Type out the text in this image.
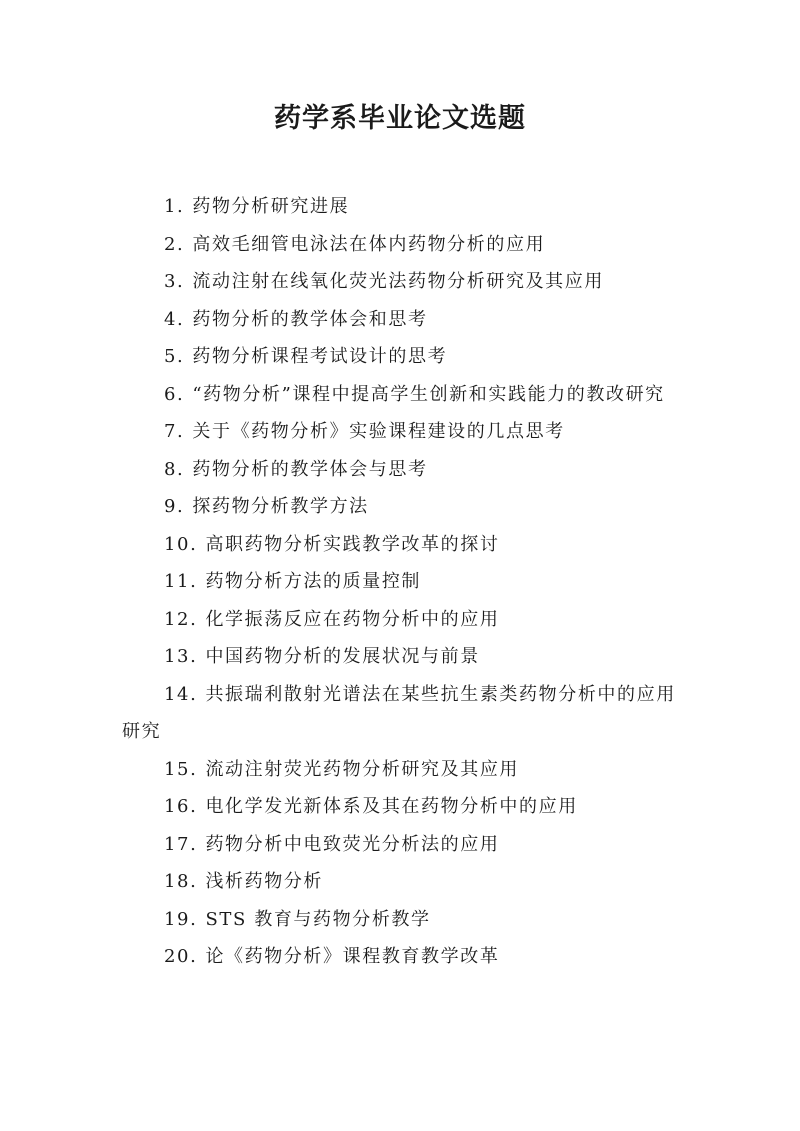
药学系毕业论文选题
1. 药物分析研究进展
2. 高效毛细管电泳法在体内药物分析的应用
3. 流动注射在线氧化荧光法药物分析研究及其应用
4. 药物分析的教学体会和思考
5. 药物分析课程考试设计的思考
6. “药物分析”课程中提高学生创新和实践能力的教改研究
7. 关于《药物分析》实验课程建设的几点思考
8. 药物分析的教学体会与思考
9. 探药物分析教学方法
10. 高职药物分析实践教学改革的探讨
11. 药物分析方法的质量控制
12. 化学振荡反应在药物分析中的应用
13. 中国药物分析的发展状况与前景
14. 共振瑞利散射光谱法在某些抗生素类药物分析中的应用研究
15. 流动注射荧光药物分析研究及其应用
16. 电化学发光新体系及其在药物分析中的应用
17. 药物分析中电致荧光分析法的应用
18. 浅析药物分析
19. STS 教育与药物分析教学
20. 论《药物分析》课程教育教学改革
